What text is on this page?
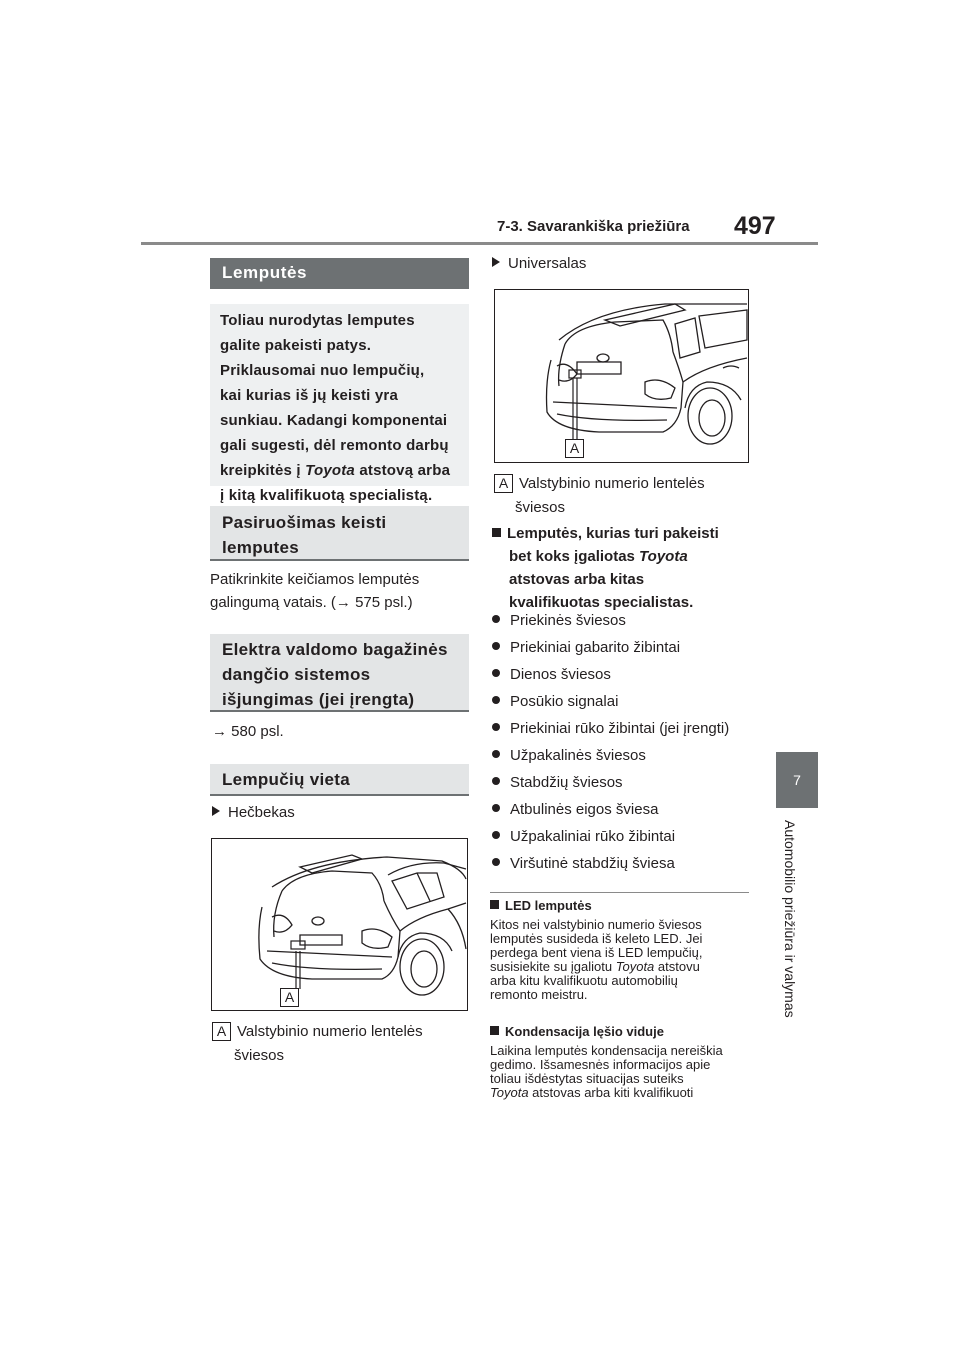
7-3. Savarankiška priežiūra 497
7
Automobilio priežiūra ir valymas
Lemputės
Toliau nurodytas lemputes
galite pakeisti patys.
Priklausomai nuo lempučių,
kai kurias iš jų keisti yra
sunkiau. Kadangi komponentai
gali sugesti, dėl remonto darbų
kreipkitės į Toyota atstovą arba
į kitą kvalifikuotą specialistą.
Pasiruošimas keisti
lemputes
Patikrinkite keičiamos lemputės
galingumą vatais. (→ 575 psl.)
Elektra valdomo bagažinės
dangčio sistemos
išjungimas (jei įrengta)
→ 580 psl.
Lempučių vieta
Hečbekas
A
A Valstybinio numerio lentelės
šviesos
Universalas
A
A Valstybinio numerio lentelės
šviesos
Lemputės, kurias turi pakeisti
bet koks įgaliotas Toyota
atstovas arba kitas
kvalifikuotas specialistas.
Priekinės šviesos
Priekiniai gabarito žibintai
Dienos šviesos
Posūkio signalai
Priekiniai rūko žibintai (jei įrengti)
Užpakalinės šviesos
Stabdžių šviesos
Atbulinės eigos šviesa
Užpakaliniai rūko žibintai
Viršutinė stabdžių šviesa
LED lemputės
Kitos nei valstybinio numerio šviesos
lemputės susideda iš keleto LED. Jei
perdega bent viena iš LED lempučių,
susisiekite su įgaliotu Toyota atstovu
arba kitu kvalifikuotu automobilių
remonto meistru.
Kondensacija lęšio viduje
Laikina lemputės kondensacija nereiškia
gedimo. Išsamesnės informacijos apie
toliau išdėstytas situacijas suteiks
Toyota atstovas arba kiti kvalifikuoti
